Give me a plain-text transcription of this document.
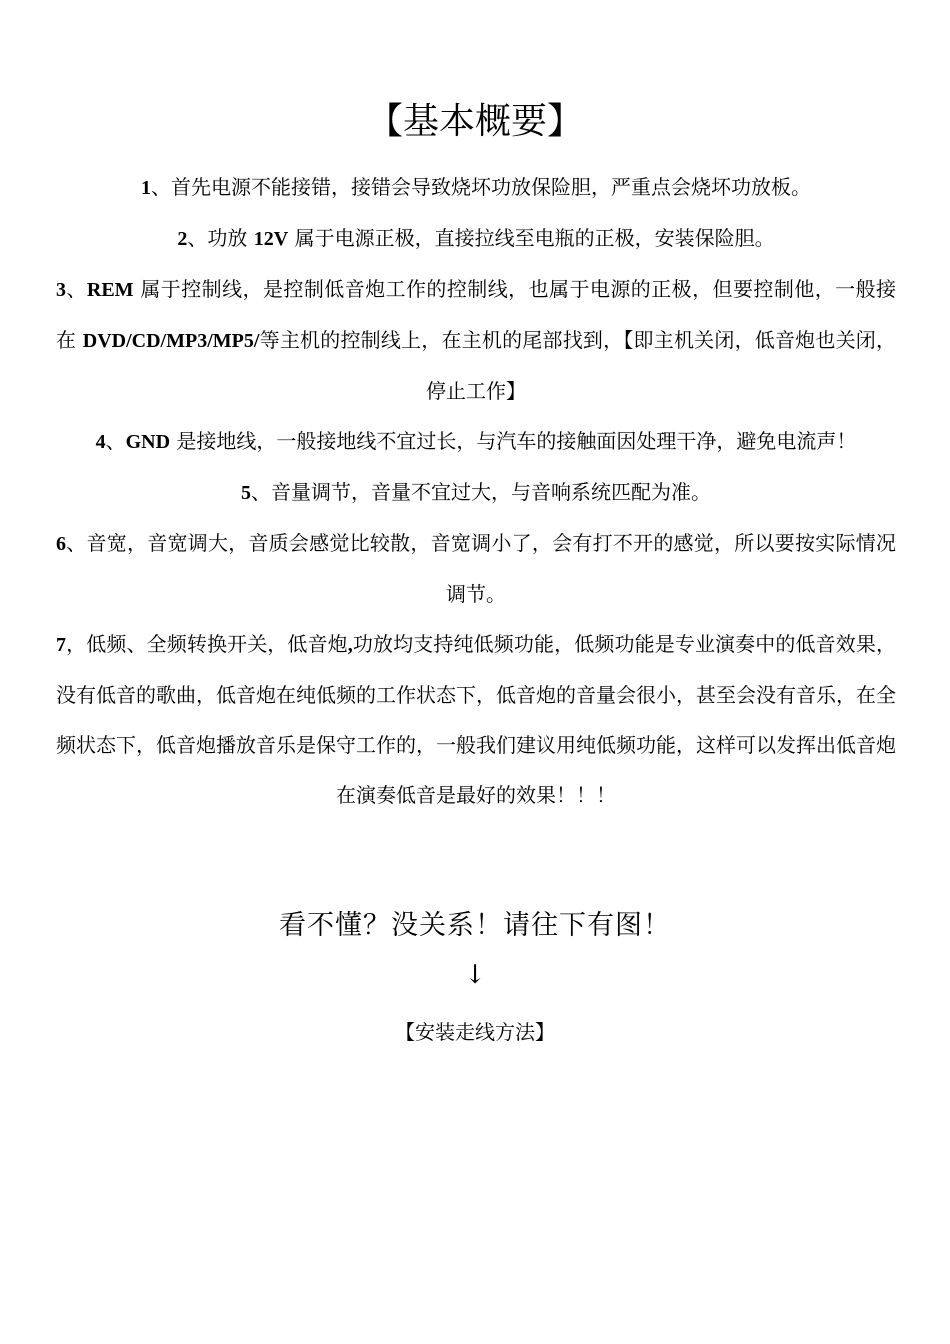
【基本概要】

1、首先电源不能接错，接错会导致烧坏功放保险胆，严重点会烧坏功放板。

2、功放 12V 属于电源正极，直接拉线至电瓶的正极，安装保险胆。

3、REM 属于控制线，是控制低音炮工作的控制线，也属于电源的正极，但要控制他，一般接在 DVD/CD/MP3/MP5/等主机的控制线上，在主机的尾部找到，【即主机关闭，低音炮也关闭，停止工作】

4、GND 是接地线，一般接地线不宜过长，与汽车的接触面因处理干净，避免电流声！

5、音量调节，音量不宜过大，与音响系统匹配为准。

6、音宽，音宽调大，音质会感觉比较散，音宽调小了，会有打不开的感觉，所以要按实际情况调节。

7，低频、全频转换开关，低音炮,功放均支持纯低频功能，低频功能是专业演奏中的低音效果，没有低音的歌曲，低音炮在纯低频的工作状态下，低音炮的音量会很小，甚至会没有音乐，在全频状态下，低音炮播放音乐是保守工作的，一般我们建议用纯低频功能，这样可以发挥出低音炮在演奏低音是最好的效果！！！

看不懂？没关系！请往下有图！
↓
【安装走线方法】
